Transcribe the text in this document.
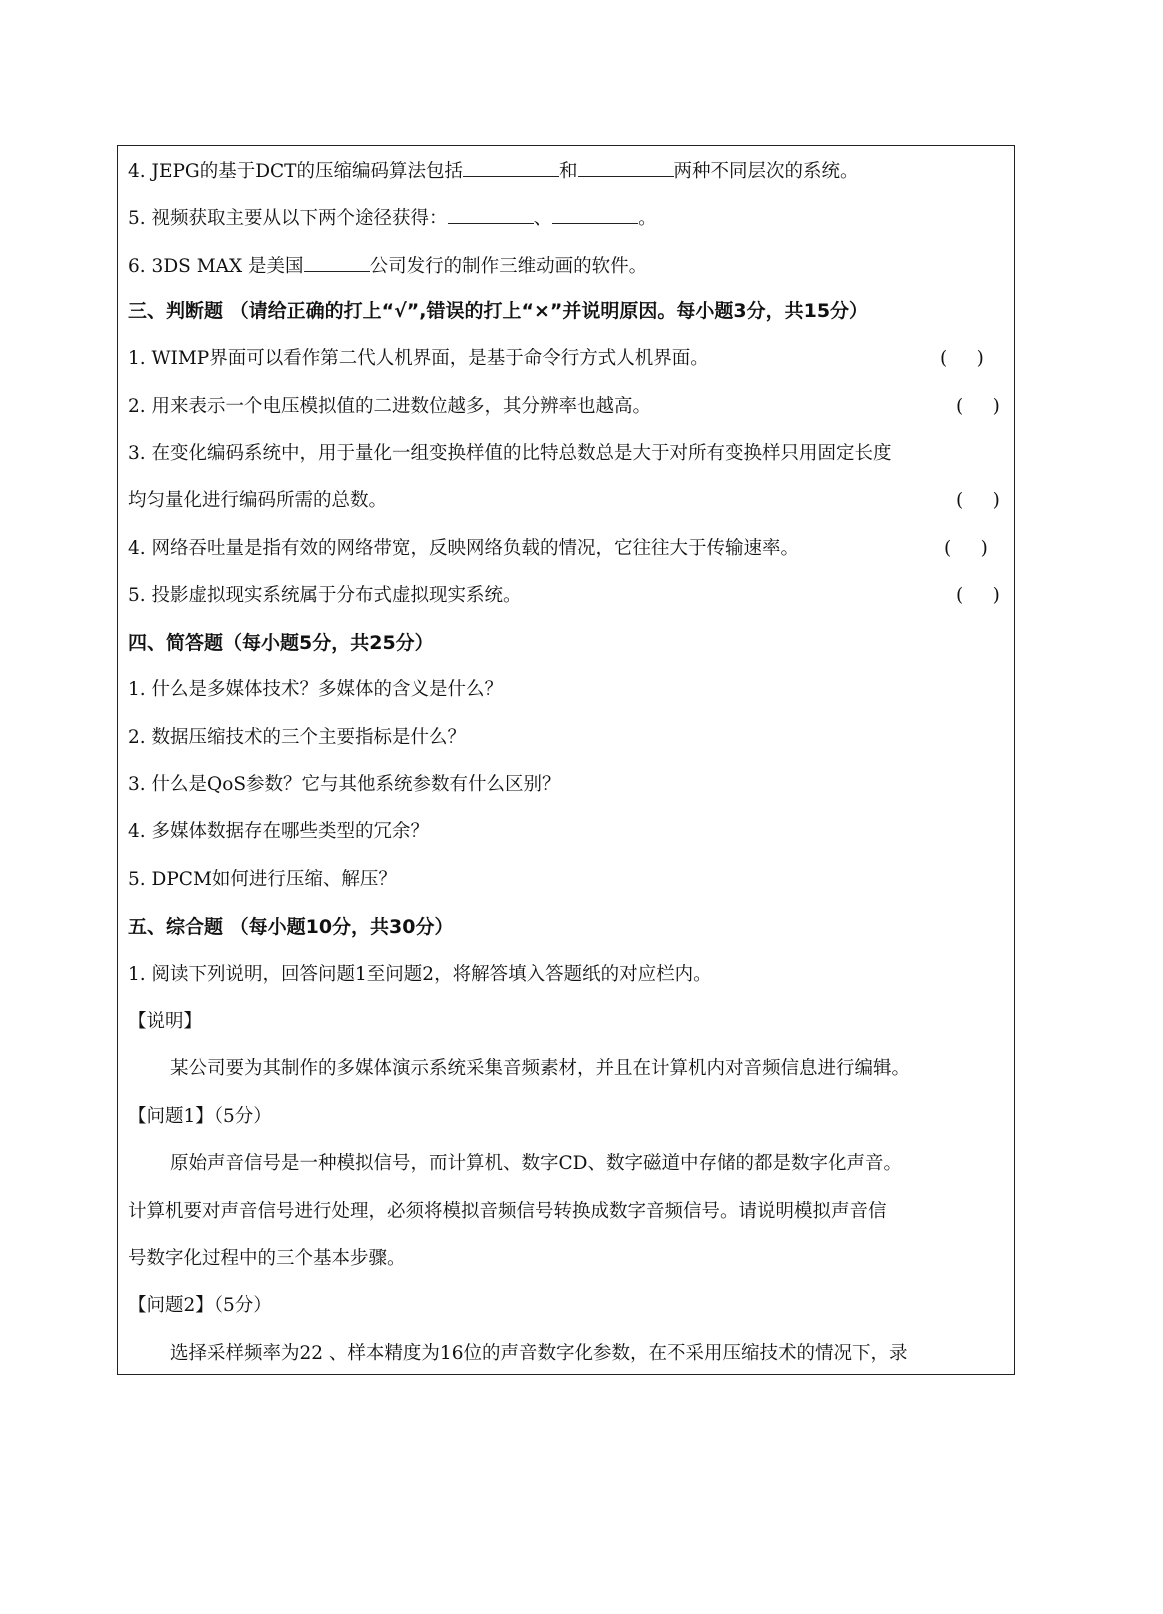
4. JEPG的基于DCT的压缩编码算法包括	和	两种不同层次的系统。
5. 视频获取主要从以下两个途径获得：	、	。
6. 3DS MAX 是美国	公司发行的制作三维动画的软件。
三、判断题 （请给正确的打上“√”,错误的打上“×”并说明原因。每小题3分，共15分）
1. WIMP界面可以看作第二代人机界面，是基于命令行方式人机界面。	(     )
2. 用来表示一个电压模拟值的二进数位越多，其分辨率也越高。	(     )
3. 在变化编码系统中，用于量化一组变换样值的比特总数总是大于对所有变换样只用固定长度
均匀量化进行编码所需的总数。	(     )
4. 网络吞吐量是指有效的网络带宽，反映网络负载的情况，它往往大于传输速率。	(     )
5. 投影虚拟现实系统属于分布式虚拟现实系统。	(     )
四、简答题（每小题5分，共25分）
1. 什么是多媒体技术？多媒体的含义是什么？
2. 数据压缩技术的三个主要指标是什么？
3. 什么是QoS参数？它与其他系统参数有什么区别？
4. 多媒体数据存在哪些类型的冗余？
5. DPCM如何进行压缩、解压？
五、综合题 （每小题10分，共30分）
1. 阅读下列说明，回答问题1至问题2，将解答填入答题纸的对应栏内。
【说明】
某公司要为其制作的多媒体演示系统采集音频素材，并且在计算机内对音频信息进行编辑。
【问题1】（5分）
原始声音信号是一种模拟信号，而计算机、数字CD、数字磁道中存储的都是数字化声音。
计算机要对声音信号进行处理，必须将模拟音频信号转换成数字音频信号。请说明模拟声音信
号数字化过程中的三个基本步骤。
【问题2】（5分）
选择采样频率为22 、样本精度为16位的声音数字化参数，在不采用压缩技术的情况下，录
